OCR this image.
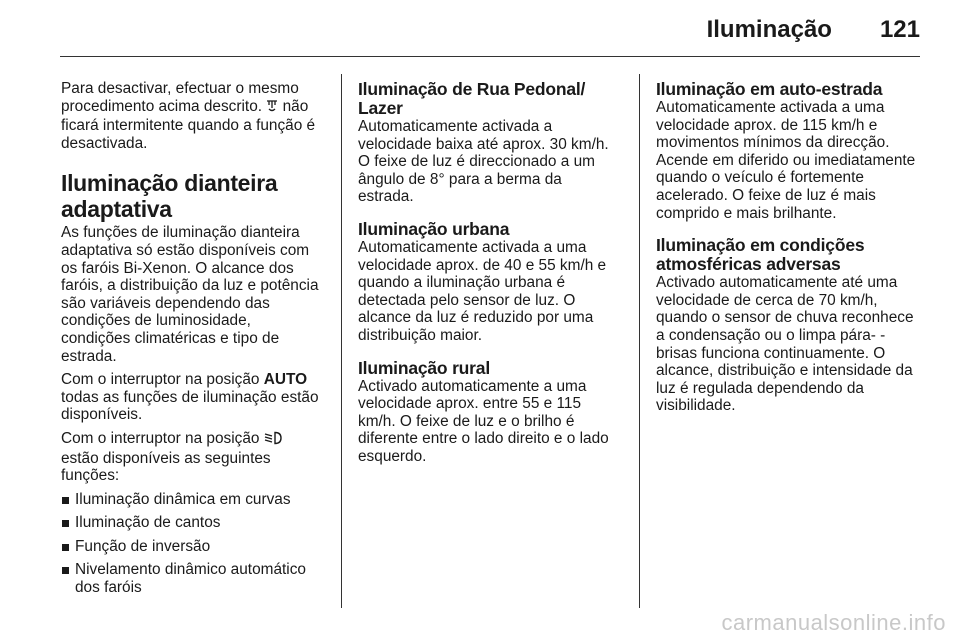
Iluminação 121

Para desactivar, efectuar o mesmo procedimento acima descrito. não ficará intermitente quando a função é desactivada.

Iluminação dianteira adaptativa

As funções de iluminação dianteira adaptativa só estão disponíveis com os faróis Bi-Xenon. O alcance dos faróis, a distribuição da luz e potência são variáveis dependendo das condições de luminosidade, condições climatéricas e tipo de estrada.

Com o interruptor na posição AUTO todas as funções de iluminação estão disponíveis.

Com o interruptor na posição  estão disponíveis as seguintes funções:

Iluminação dinâmica em curvas
Iluminação de cantos
Função de inversão
Nivelamento dinâmico automático dos faróis
Iluminação de Rua Pedonal/ Lazer

Automaticamente activada a velocidade baixa até aprox. 30 km/h. O feixe de luz é direccionado a um ângulo de 8° para a berma da estrada.

Iluminação urbana

Automaticamente activada a uma velocidade aprox. de 40 e 55 km/h e quando a iluminação urbana é detectada pelo sensor de luz. O alcance da luz é reduzido por uma distribuição maior.

Iluminação rural

Activado automaticamente a uma velocidade aprox. entre 55 e 115 km/h. O feixe de luz e o brilho é diferente entre o lado direito e o lado esquerdo.

Iluminação em auto-estrada

Automaticamente activada a uma velocidade aprox. de 115 km/h e movimentos mínimos da direcção. Acende em diferido ou imediatamente quando o veículo é fortemente acelerado. O feixe de luz é mais comprido e mais brilhante.

Iluminação em condições atmosféricas adversas

Activado automaticamente até uma velocidade de cerca de 70 km/h, quando o sensor de chuva reconhece a condensação ou o limpa pára- -brisas funciona continuamente. O alcance, distribuição e intensidade da luz é regulada dependendo da visibilidade.

carmanualsonline.info
